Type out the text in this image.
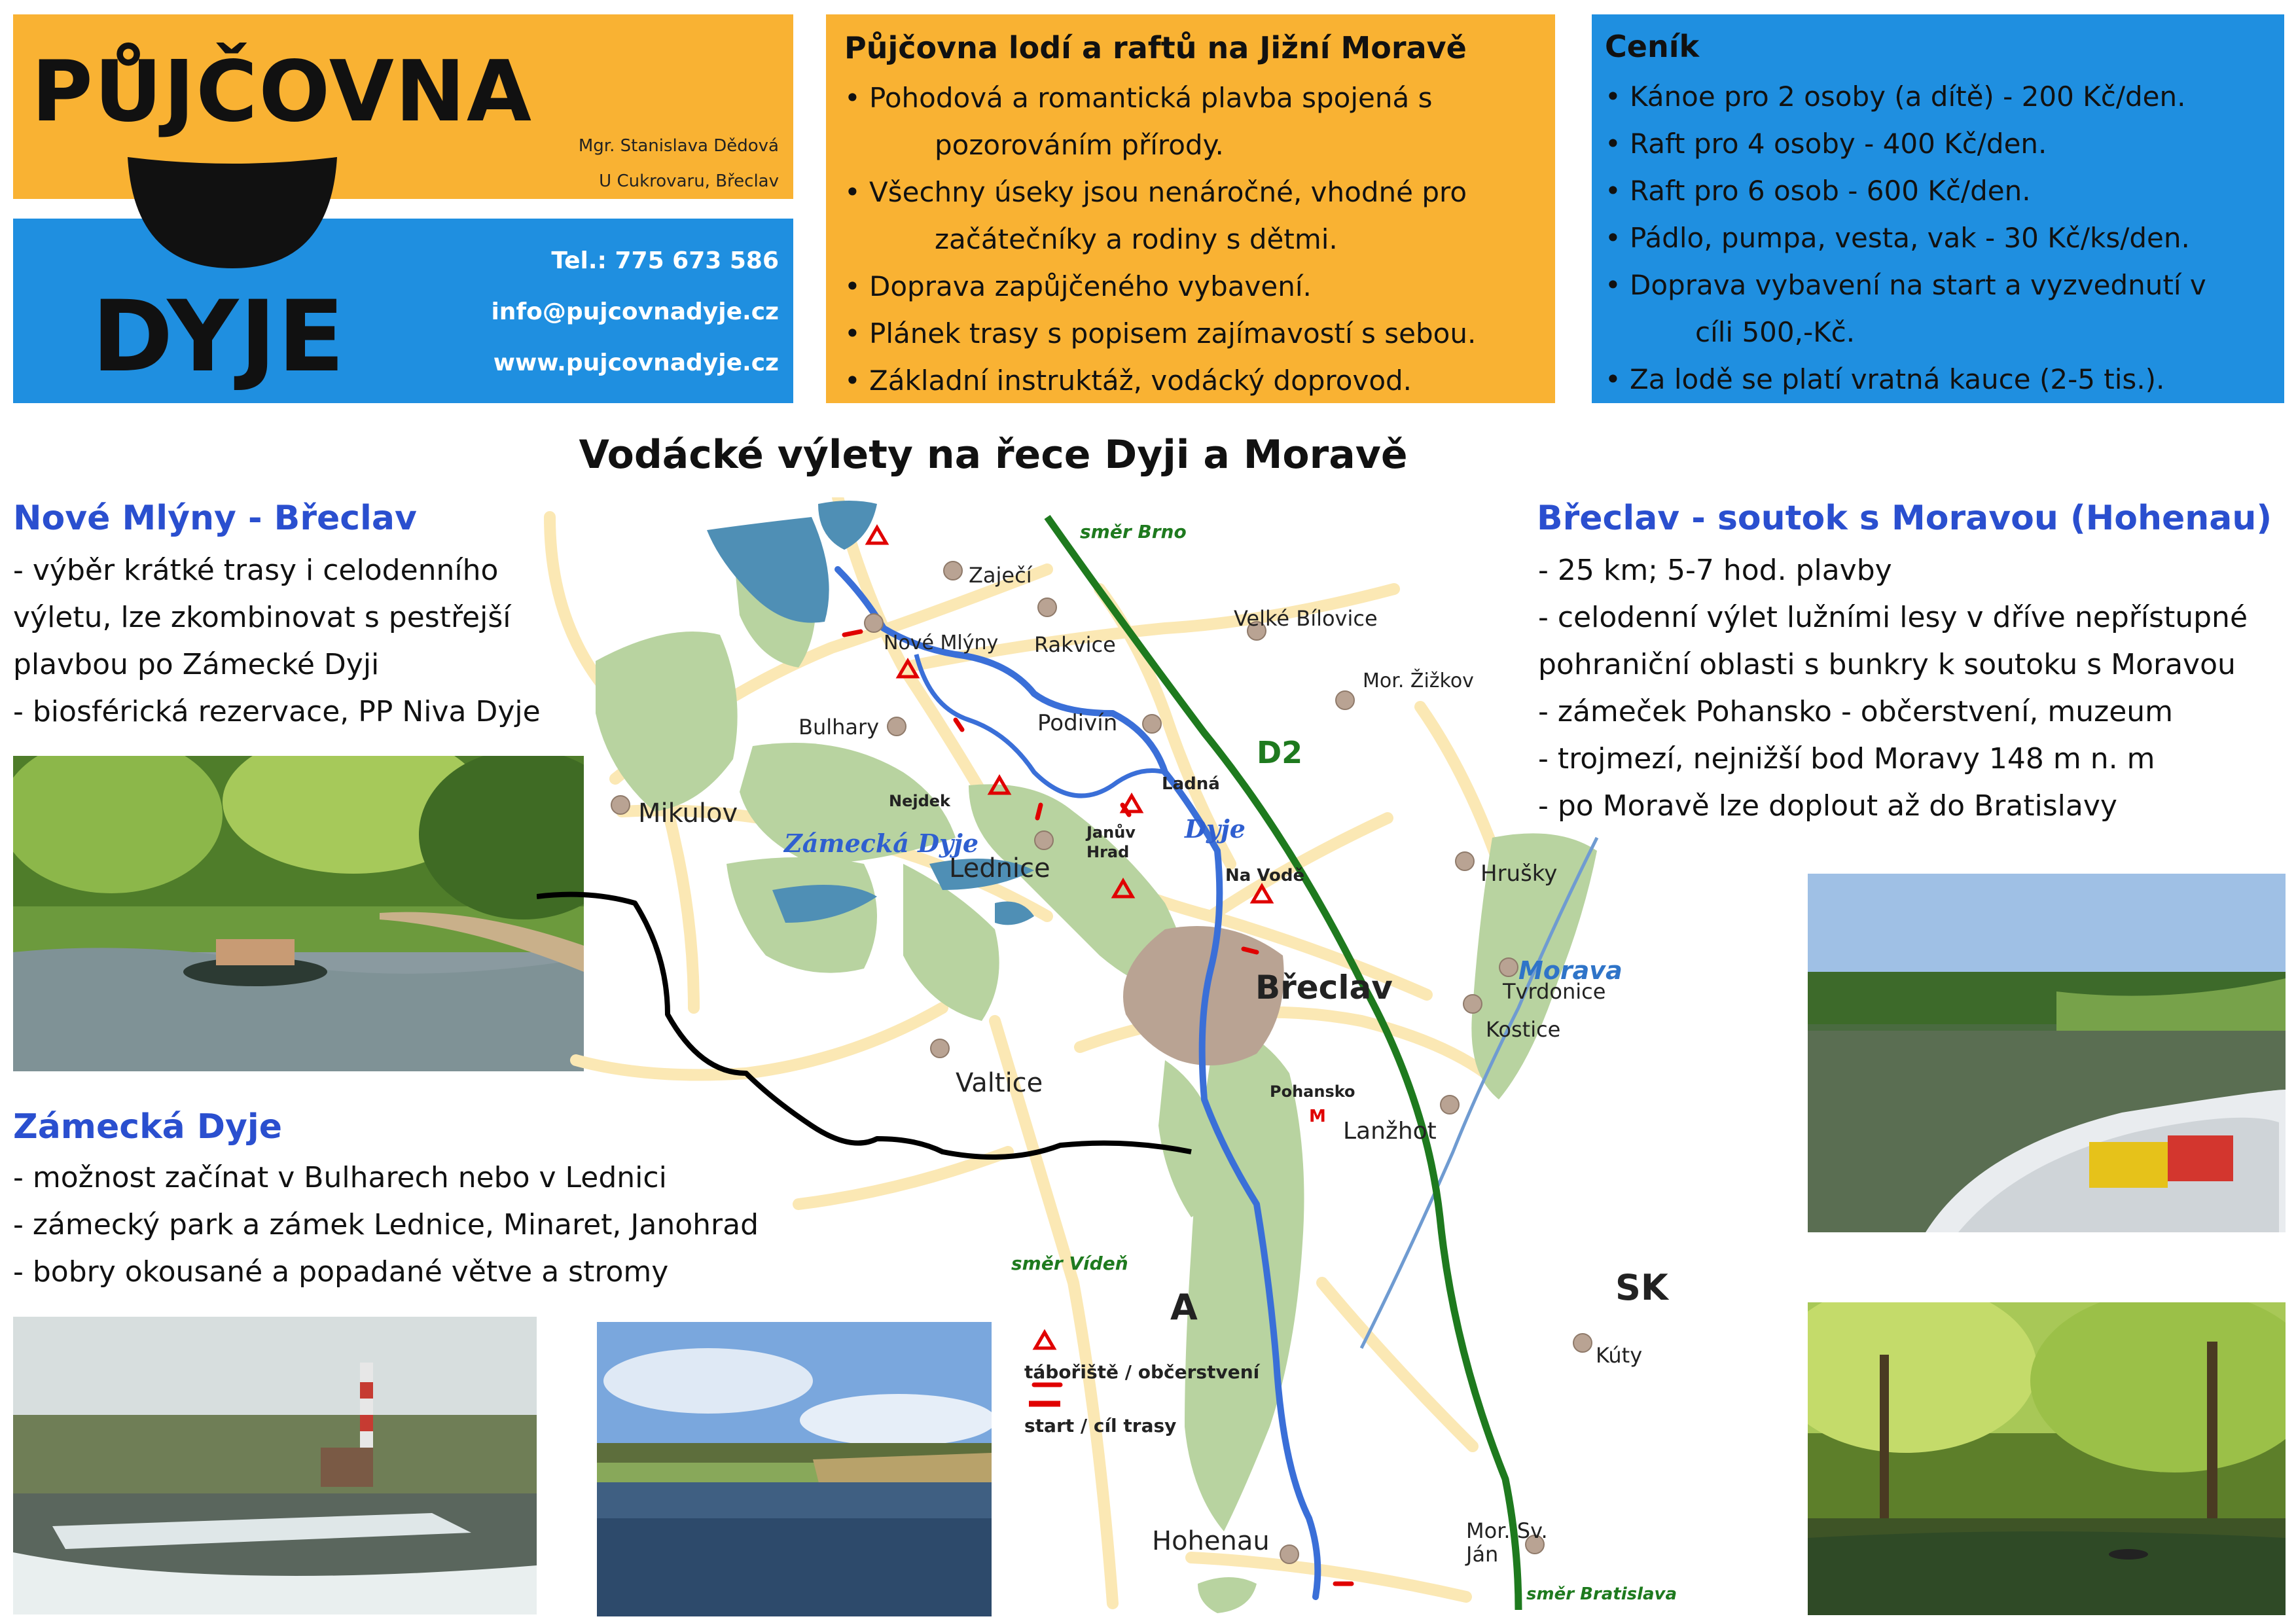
PŮJČOVNA
DYJE
Mgr. Stanislava Dědová
U Cukrovaru, Břeclav
Tel.: 775 673 586
info@pujcovnadyje.cz
www.pujcovnadyje.cz
Půjčovna lodí a raftů na Jižní Moravě
• Pohodová a romantická plavba spojená s
pozorováním přírody.
• Všechny úseky jsou nenáročné, vhodné pro
začátečníky a rodiny s dětmi.
• Doprava zapůjčeného vybavení.
• Plánek trasy s popisem zajímavostí s sebou.
• Základní instruktáž, vodácký doprovod.
Ceník
• Kánoe pro 2 osoby (a dítě) - 200 Kč/den.
• Raft pro 4 osoby - 400 Kč/den.
• Raft pro 6 osob - 600 Kč/den.
• Pádlo, pumpa, vesta, vak - 30 Kč/ks/den.
• Doprava vybavení na start a vyzvednutí v
cíli 500,-Kč.
• Za lodě se platí vratná kauce (2-5 tis.).
Vodácké výlety na řece Dyji a Moravě
Nové Mlýny - Břeclav
- výběr krátké trasy i celodenního
výletu, lze zkombinovat s pestřejší
plavbou po Zámecké Dyji
- biosférická rezervace, PP Niva Dyje
Zámecká Dyje
- možnost začínat v Bulharech nebo v Lednici
- zámecký park a zámek Lednice, Minaret, Janohrad
- bobry okousané a popadané větve a stromy
Břeclav - soutok s Moravou (Hohenau)
- 25 km; 5-7 hod. plavby
- celodenní výlet lužními lesy v dříve nepřístupné
pohraniční oblasti s bunkry k soutoku s Moravou
- zámeček Pohansko - občerstvení, muzeum
- trojmezí, nejnižší bod Moravy 148 m n. m
- po Moravě lze doplout až do Bratislavy
Zaječí
Nové Mlýny Rakvice
Velké Bílovice
Mor. Žižkov
Bulhary	Podivín
Nejdek
Ladná
Mikulov
Lednice
Janův
Hrad
Na Vodě	Hrušky
Břeclav	Tvrdonice
Kostice
Morava
Valtice	Pohansko
M
Lanžhot
Kúty
Hohenau	Mor. Sv.
Ján
Zámecká Dyje	Dyje
D2
směr Brno
směr Vídeň
směr Bratislava
A	SK
tábořiště / občerstvení
start / cíl trasy
